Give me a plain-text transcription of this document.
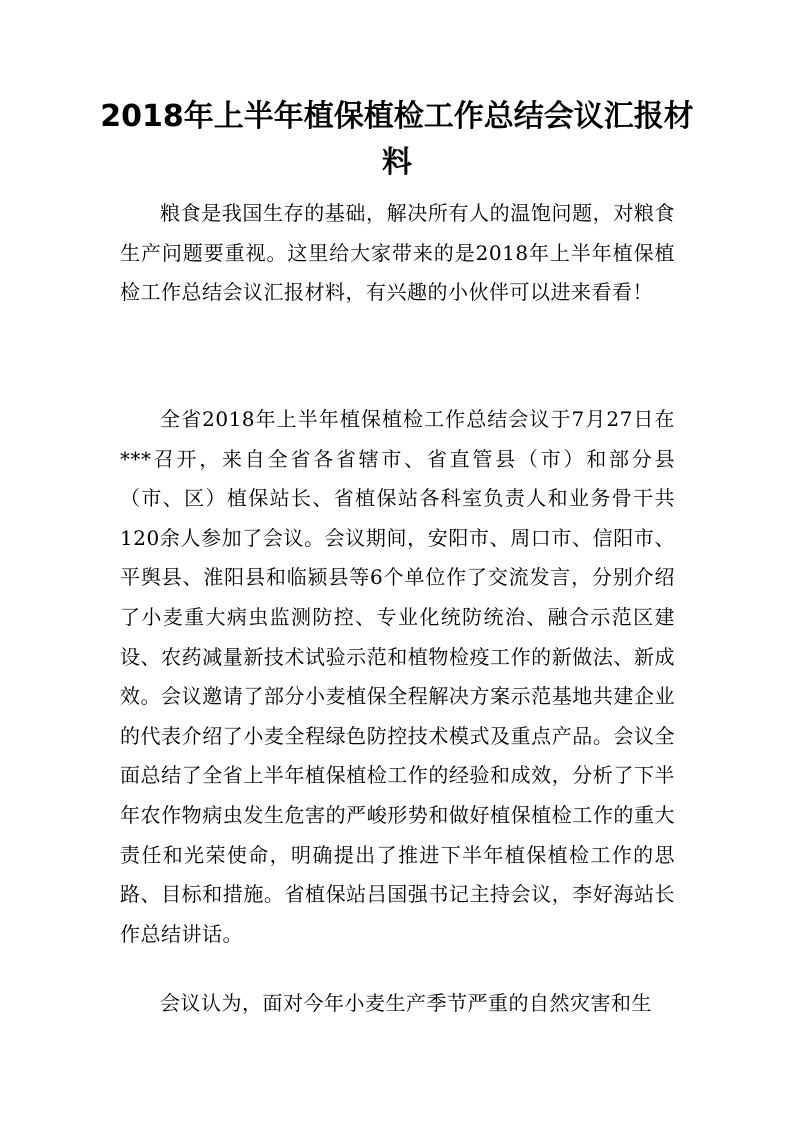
2018年上半年植保植检工作总结会议汇报材料

粮食是我国生存的基础，解决所有人的温饱问题，对粮食生产问题要重视。这里给大家带来的是2018年上半年植保植检工作总结会议汇报材料，有兴趣的小伙伴可以进来看看！

全省2018年上半年植保植检工作总结会议于7月27日在***召开，来自全省各省辖市、省直管县（市）和部分县（市、区）植保站长、省植保站各科室负责人和业务骨干共120余人参加了会议。会议期间，安阳市、周口市、信阳市、平舆县、淮阳县和临颍县等6个单位作了交流发言，分别介绍了小麦重大病虫监测防控、专业化统防统治、融合示范区建设、农药减量新技术试验示范和植物检疫工作的新做法、新成效。会议邀请了部分小麦植保全程解决方案示范基地共建企业的代表介绍了小麦全程绿色防控技术模式及重点产品。会议全面总结了全省上半年植保植检工作的经验和成效，分析了下半年农作物病虫发生危害的严峻形势和做好植保植检工作的重大责任和光荣使命，明确提出了推进下半年植保植检工作的思路、目标和措施。省植保站吕国强书记主持会议，李好海站长作总结讲话。

会议认为，面对今年小麦生产季节严重的自然灾害和生
